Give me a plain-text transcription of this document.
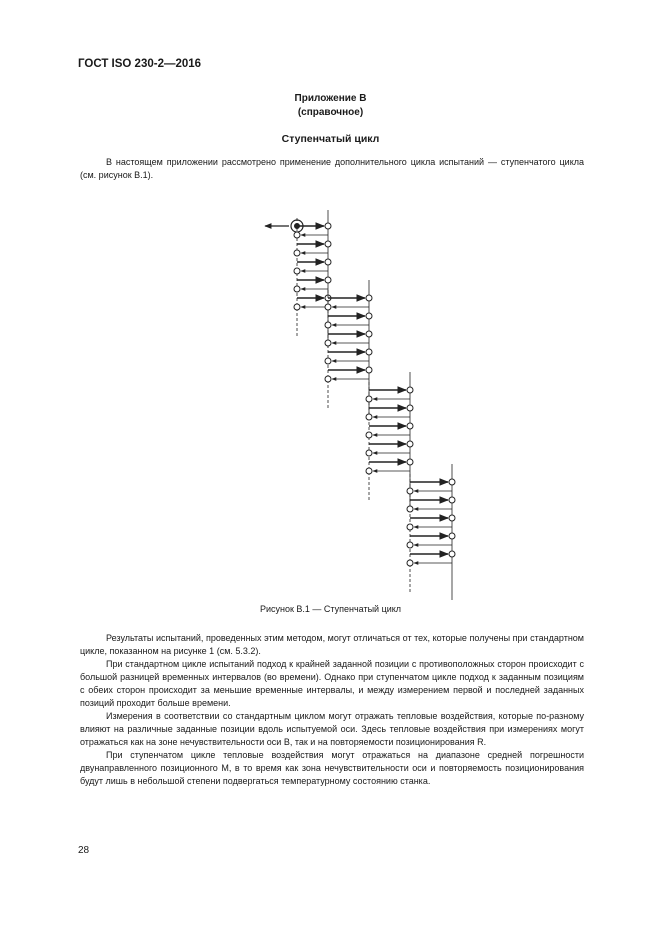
ГОСТ ISO 230-2—2016
Приложение В
(справочное)
Ступенчатый цикл

В настоящем приложении рассмотрено применение дополнительного цикла испытаний — ступенчатого цикла (см. рисунок В.1).

Рисунок В.1 — Ступенчатый цикл

Результаты испытаний, проведенных этим методом, могут отличаться от тех, которые получены при стандартном цикле, показанном на рисунке 1 (см. 5.3.2).

При стандартном цикле испытаний подход к крайней заданной позиции с противоположных сторон происходит с большой разницей временных интервалов (во времени). Однако при ступенчатом цикле подход к заданным позициям с обеих сторон происходит за меньшие временные интервалы, и между измерением первой и последней заданных позиций проходит больше времени.

Измерения в соответствии со стандартным циклом могут отражать тепловые воздействия, которые по-разному влияют на различные заданные позиции вдоль испытуемой оси. Здесь тепловые воздействия при измерениях могут отражаться как на зоне нечувствительности оси B, так и на повторяемости позиционирования R.

При ступенчатом цикле тепловые воздействия могут отражаться на диапазоне средней погрешности двунаправленного позиционного M, в то время как зона нечувствительности оси и повторяемость позиционирования будут лишь в небольшой степени подвергаться температурному состоянию станка.

28
